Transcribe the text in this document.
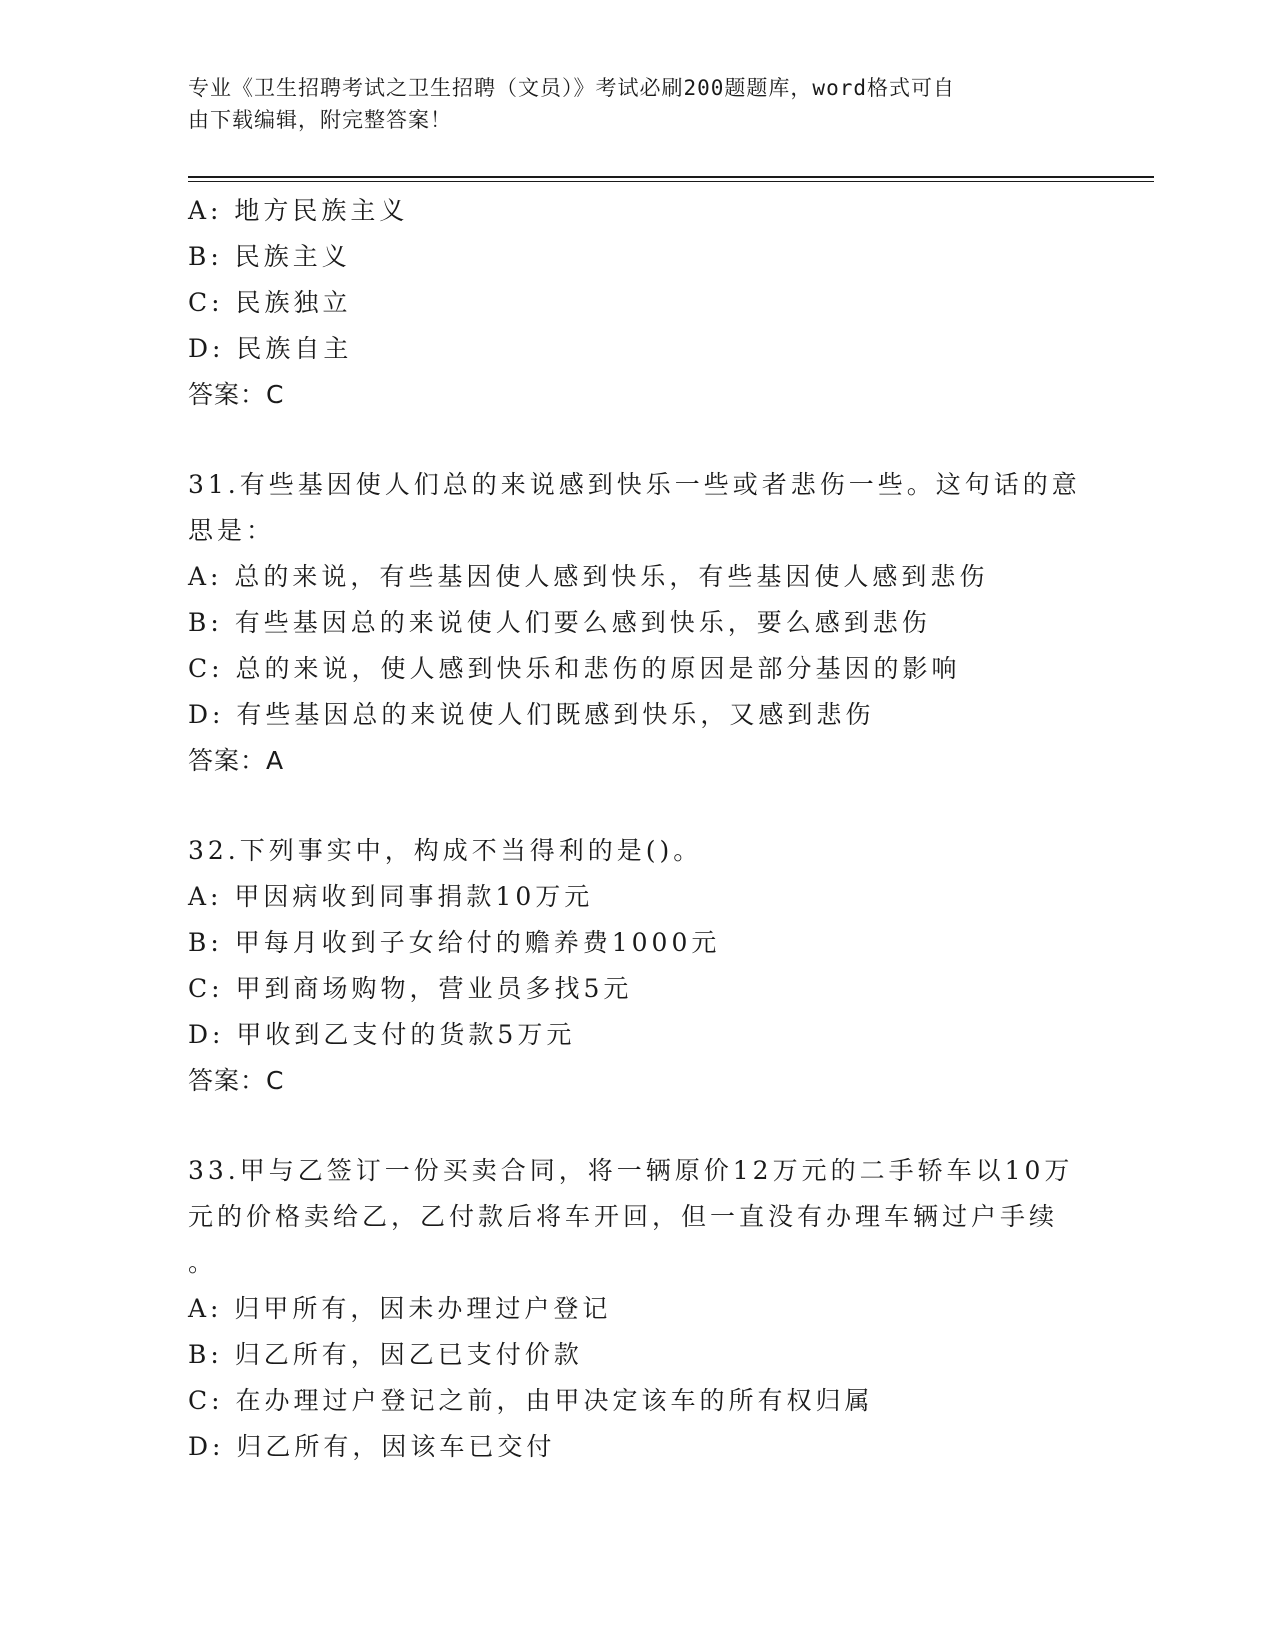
专业《卫生招聘考试之卫生招聘（文员）》考试必刷200题题库，word格式可自
由下载编辑，附完整答案！
A: 地方民族主义
B: 民族主义
C: 民族独立
D: 民族自主
答案：C
31.有些基因使人们总的来说感到快乐一些或者悲伤一些。这句话的意
思是：
A: 总的来说，有些基因使人感到快乐，有些基因使人感到悲伤
B: 有些基因总的来说使人们要么感到快乐，要么感到悲伤
C: 总的来说，使人感到快乐和悲伤的原因是部分基因的影响
D: 有些基因总的来说使人们既感到快乐，又感到悲伤
答案：A
32.下列事实中，构成不当得利的是()。
A: 甲因病收到同事捐款10万元
B: 甲每月收到子女给付的赡养费1000元
C: 甲到商场购物，营业员多找5元
D: 甲收到乙支付的货款5万元
答案：C
33.甲与乙签订一份买卖合同，将一辆原价12万元的二手轿车以10万
元的价格卖给乙，乙付款后将车开回，但一直没有办理车辆过户手续
。
A: 归甲所有，因未办理过户登记
B: 归乙所有，因乙已支付价款
C: 在办理过户登记之前，由甲决定该车的所有权归属
D: 归乙所有，因该车已交付
